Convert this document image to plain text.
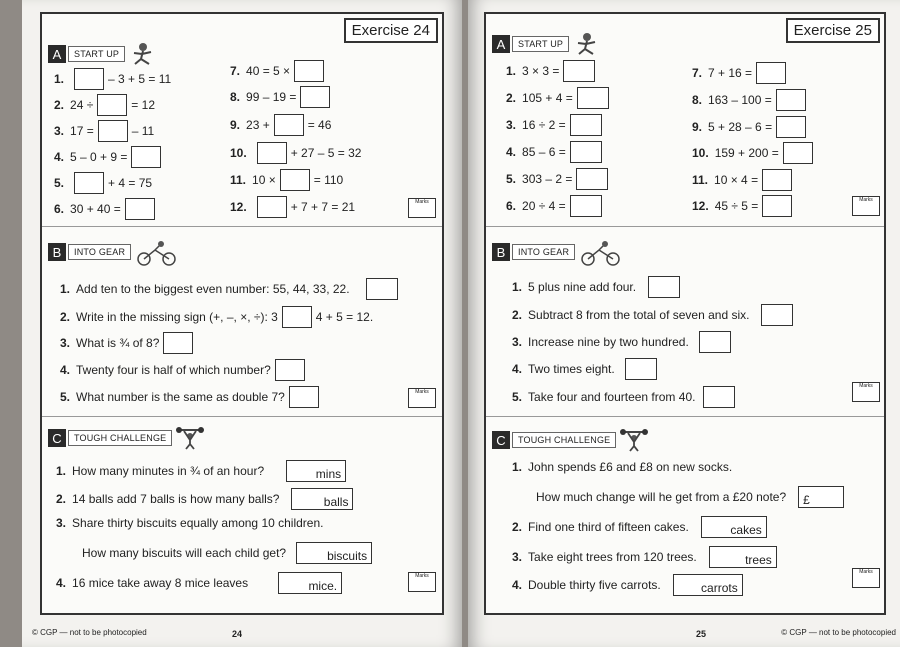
Exercise 24
A	START UP
1.	– 3 + 5 = 11
2. 24 ÷	= 12
3. 17 =	– 11
4. 5 – 0 + 9 =
5.	+ 4 = 75
6. 30 + 40 =
7. 40 = 5 ×
8. 99 – 19 =
9. 23 +	= 46
10.	+ 27 – 5 = 32
11. 10 ×	= 110
12.	+ 7 + 7 = 21	Marks
B	INTO GEAR
1. Add ten to the biggest even number: 55, 44, 33, 22.
2. Write in the missing sign (+, –, ×, ÷): 3	4 + 5 = 12.
3. What is ¾ of 8?
4. Twenty four is half of which number?
5. What number is the same as double 7?	Marks
C	TOUGH CHALLENGE
1. How many minutes in ¾ of an hour?	mins
2. 14 balls add 7 balls is how many balls?	balls
3. Share thirty biscuits equally among 10 children.
How many biscuits will each child get?	biscuits
4. 16 mice take away 8 mice leaves	mice.
Marks
© CGP — not to be photocopied	24
Exercise 25
A	START UP
1. 3 × 3 =
2. 105 + 4 =
3. 16 ÷ 2 =
4. 85 – 6 =
5. 303 – 2 =
6. 20 ÷ 4 =
7. 7 + 16 =
8. 163 – 100 =
9. 5 + 28 – 6 =
10. 159 + 200 =
11. 10 × 4 =
12. 45 ÷ 5 =	Marks
B	INTO GEAR
1. 5 plus nine add four.
2. Subtract 8 from the total of seven and six.
3. Increase nine by two hundred.
4. Two times eight.
5. Take four and fourteen from 40.
Marks
C	TOUGH CHALLENGE
1. John spends £6 and £8 on new socks.
How much change will he get from a £20 note?	£
2. Find one third of fifteen cakes.	cakes
3. Take eight trees from 120 trees.	trees
4. Double thirty five carrots.	carrots
Marks
25	© CGP — not to be photocopied
